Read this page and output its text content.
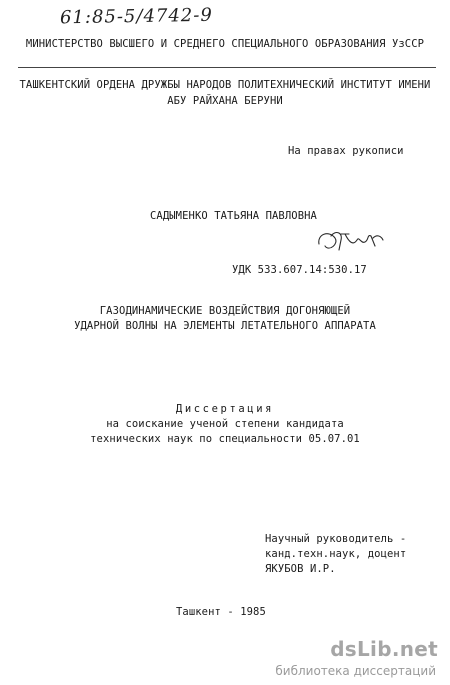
61:85-5/4742-9
МИНИСТЕРСТВО ВЫСШЕГО И СРЕДНЕГО СПЕЦИАЛЬНОГО ОБРАЗОВАНИЯ УзССР
ТАШКЕНТСКИЙ ОРДЕНА ДРУЖБЫ НАРОДОВ ПОЛИТЕХНИЧЕСКИЙ ИНСТИТУТ ИМЕНИ
АБУ РАЙХАНА БЕРУНИ
На правах рукописи
САДЫМЕНКО ТАТЬЯНА ПАВЛОВНА
УДК 533.607.14:530.17
ГАЗОДИНАМИЧЕСКИЕ ВОЗДЕЙСТВИЯ ДОГОНЯЮЩЕЙ
УДАРНОЙ ВОЛНЫ НА ЭЛЕМЕНТЫ ЛЕТАТЕЛЬНОГО АППАРАТА
Диссертация
на соискание ученой степени кандидата
технических наук по специальности 05.07.01
Научный руководитель -
канд.техн.наук, доцент
ЯКУБОВ И.Р.
Ташкент - 1985
dsLib.net
библиотека диссертаций
